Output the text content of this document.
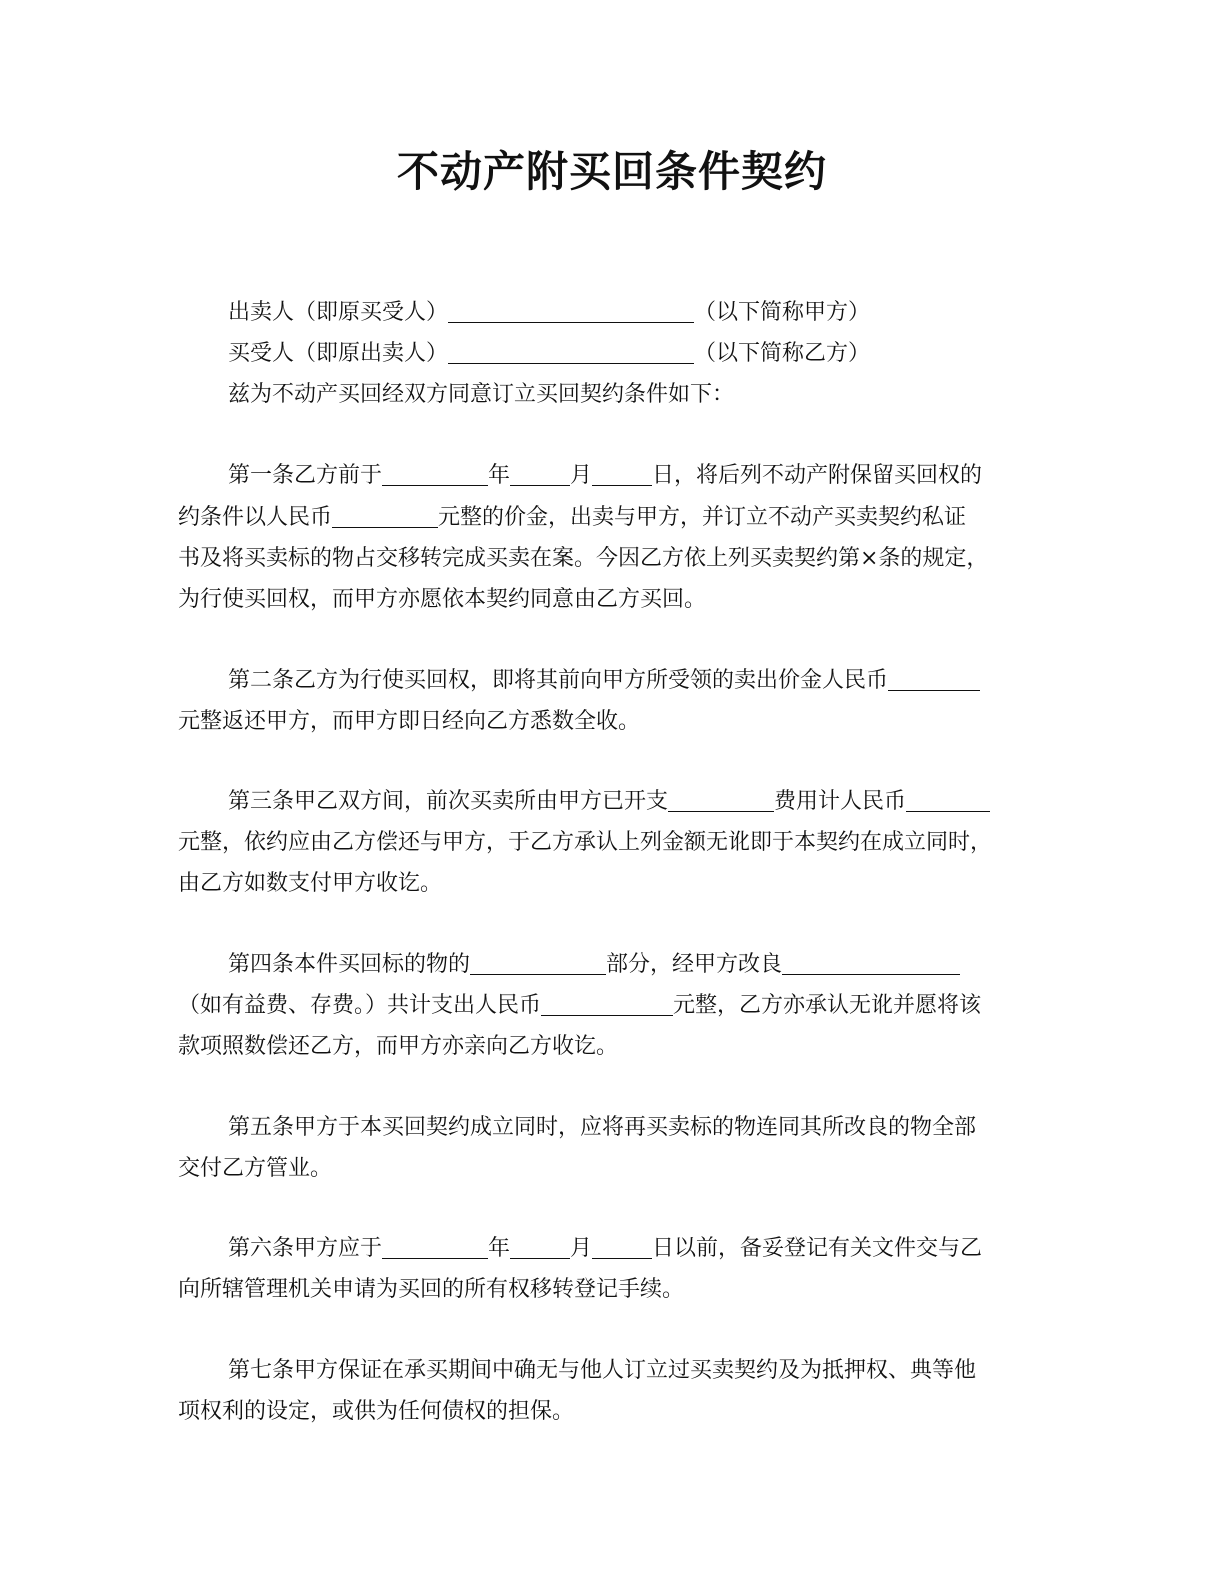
不动产附买回条件契约
出卖人（即原买受人）	（以下简称甲方）
买受人（即原出卖人）	（以下简称乙方）
兹为不动产买回经双方同意订立买回契约条件如下：
第一条乙方前于	年	月	日，将后列不动产附保留买回权的
约条件以人民币	元整的价金，出卖与甲方，并订立不动产买卖契约私证
书及将买卖标的物占交移转完成买卖在案。今因乙方依上列买卖契约第×条的规定，
为行使买回权，而甲方亦愿依本契约同意由乙方买回。
第二条乙方为行使买回权，即将其前向甲方所受领的卖出价金人民币
元整返还甲方，而甲方即日经向乙方悉数全收。
第三条甲乙双方间，前次买卖所由甲方已开支	费用计人民币
元整，依约应由乙方偿还与甲方，于乙方承认上列金额无讹即于本契约在成立同时，
由乙方如数支付甲方收讫。
第四条本件买回标的物的	部分，经甲方改良
（如有益费、存费。）共计支出人民币	元整，乙方亦承认无讹并愿将该
款项照数偿还乙方，而甲方亦亲向乙方收讫。
第五条甲方于本买回契约成立同时，应将再买卖标的物连同其所改良的物全部
交付乙方管业。
第六条甲方应于	年	月	日以前，备妥登记有关文件交与乙
向所辖管理机关申请为买回的所有权移转登记手续。
第七条甲方保证在承买期间中确无与他人订立过买卖契约及为抵押权、典等他
项权利的设定，或供为任何债权的担保。
